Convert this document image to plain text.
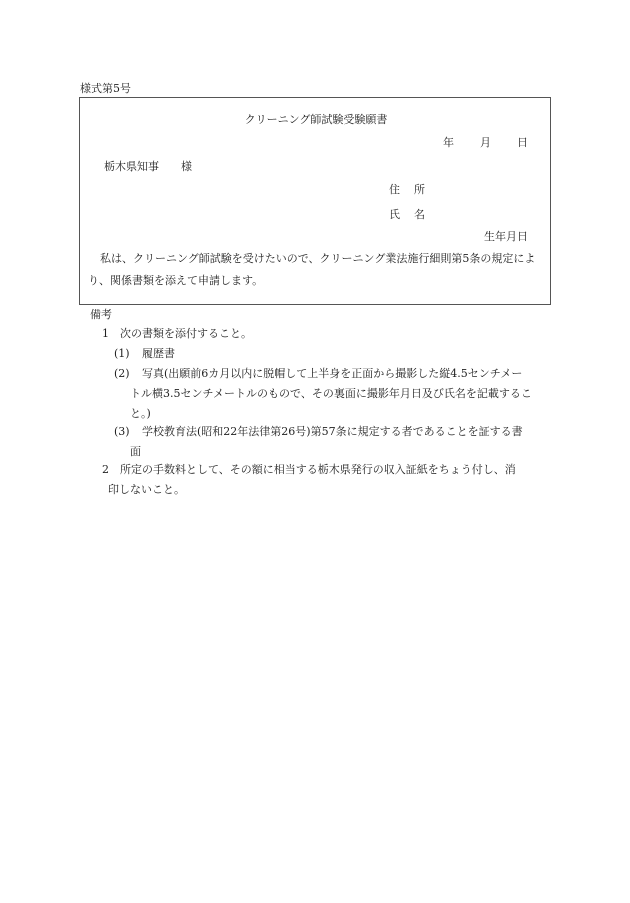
様式第5号
クリーニング師試験受験願書
年 月 日
栃木県知事 様
住 所
氏 名
生年月日
私は、クリーニング師試験を受けたいので、クリーニング業法施行細則第5条の規定により、関係書類を添えて申請します。
備考
1　次の書類を添付すること。
(1) 履歴書
(2) 写真(出願前6カ月以内に脱帽して上半身を正面から撮影した縦4.5センチメー
トル横3.5センチメートルのもので、その裏面に撮影年月日及び氏名を記載すること。)
(3) 学校教育法(昭和22年法律第26号)第57条に規定する者であることを証する書
面
2　所定の手数料として、その額に相当する栃木県発行の収入証紙をちょう付し、消
印しないこと。
